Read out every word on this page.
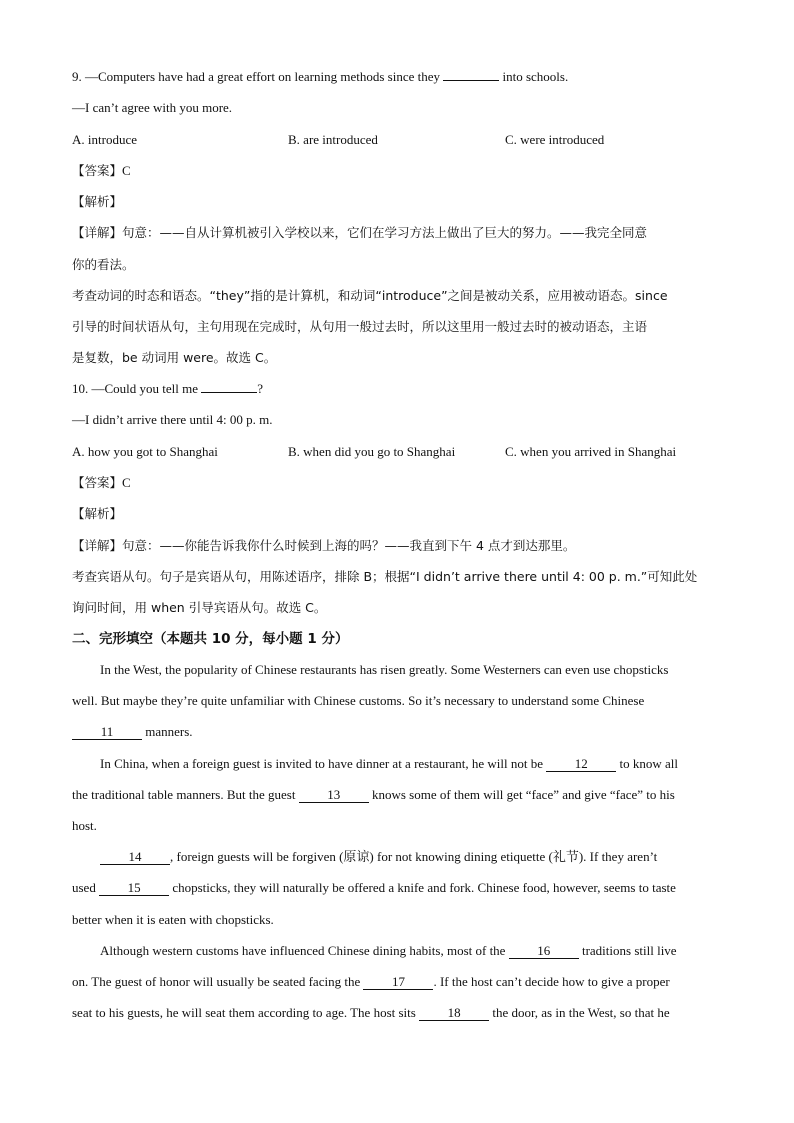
9. —Computers have had a great effort on learning methods since they	into schools.
—I can’t agree with you more.
A. introduce	B. are introduced	C. were introduced
【答案】C
【解析】
【详解】句意：——自从计算机被引入学校以来，它们在学习方法上做出了巨大的努力。——我完全同意
你的看法。
考查动词的时态和语态。“they”指的是计算机，和动词“introduce”之间是被动关系，应用被动语态。since
引导的时间状语从句，主句用现在完成时，从句用一般过去时，所以这里用一般过去时的被动语态，主语
是复数，be 动词用 were。故选 C。
10. —Could you tell me	?
—I didn’t arrive there until 4: 00 p. m.
A. how you got to Shanghai	B. when did you go to Shanghai	C. when you arrived in Shanghai
【答案】C
【解析】
【详解】句意：——你能告诉我你什么时候到上海的吗？——我直到下午 4 点才到达那里。
考查宾语从句。句子是宾语从句，用陈述语序，排除 B；根据“I didn’t arrive there until 4: 00 p. m.”可知此处
询问时间，用 when 引导宾语从句。故选 C。
二、完形填空（本题共 10 分，每小题 1 分）
In the West, the popularity of Chinese restaurants has risen greatly. Some Westerners can even use chopsticks
well. But maybe they’re quite unfamiliar with Chinese customs. So it’s necessary to understand some Chinese
11 manners.
In China, when a foreign guest is invited to have dinner at a restaurant, he will not be 12 to know all
the traditional table manners. But the guest 13 knows some of them will get “face” and give “face” to his
host.
14 , foreign guests will be forgiven (原谅) for not knowing dining etiquette (礼节). If they aren’t
used 15 chopsticks, they will naturally be offered a knife and fork. Chinese food, however, seems to taste
better when it is eaten with chopsticks.
Although western customs have influenced Chinese dining habits, most of the 16 traditions still live
on. The guest of honor will usually be seated facing the 17 . If the host can’t decide how to give a proper
seat to his guests, he will seat them according to age. The host sits 18 the door, as in the West, so that he
